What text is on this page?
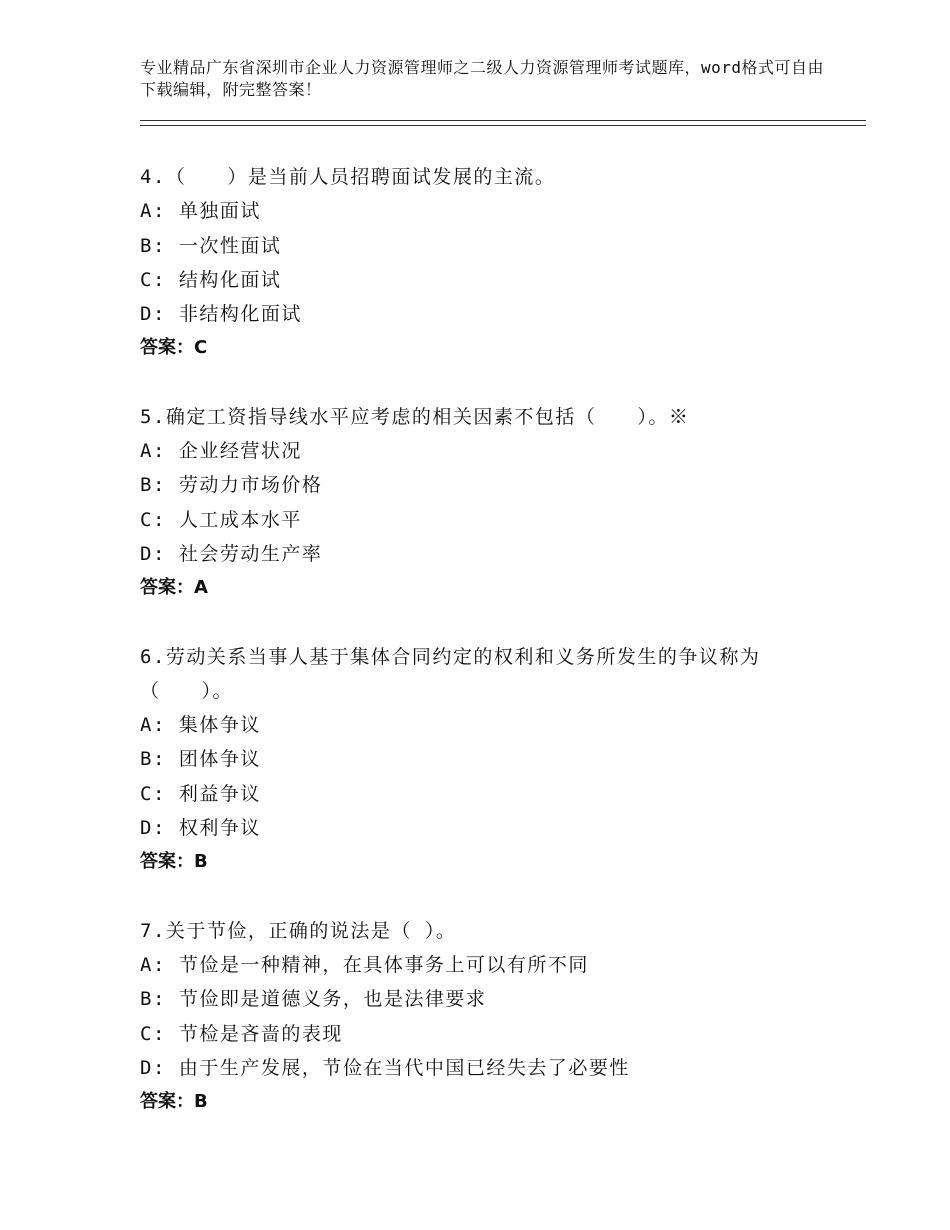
专业精品广东省深圳市企业人力资源管理师之二级人力资源管理师考试题库，word格式可自由下载编辑，附完整答案！
4.（　　）是当前人员招聘面试发展的主流。
A: 单独面试
B: 一次性面试
C: 结构化面试
D: 非结构化面试
答案：C
5.确定工资指导线水平应考虑的相关因素不包括（　　）。※
A: 企业经营状况
B: 劳动力市场价格
C: 人工成本水平
D: 社会劳动生产率
答案：A
6.劳动关系当事人基于集体合同约定的权利和义务所发生的争议称为（　　）。
A: 集体争议
B: 团体争议
C: 利益争议
D: 权利争议
答案：B
7.关于节俭，正确的说法是（ ）。
A: 节俭是一种精神，在具体事务上可以有所不同
B: 节俭即是道德义务，也是法律要求
C: 节检是吝啬的表现
D: 由于生产发展，节俭在当代中国已经失去了必要性
答案：B
